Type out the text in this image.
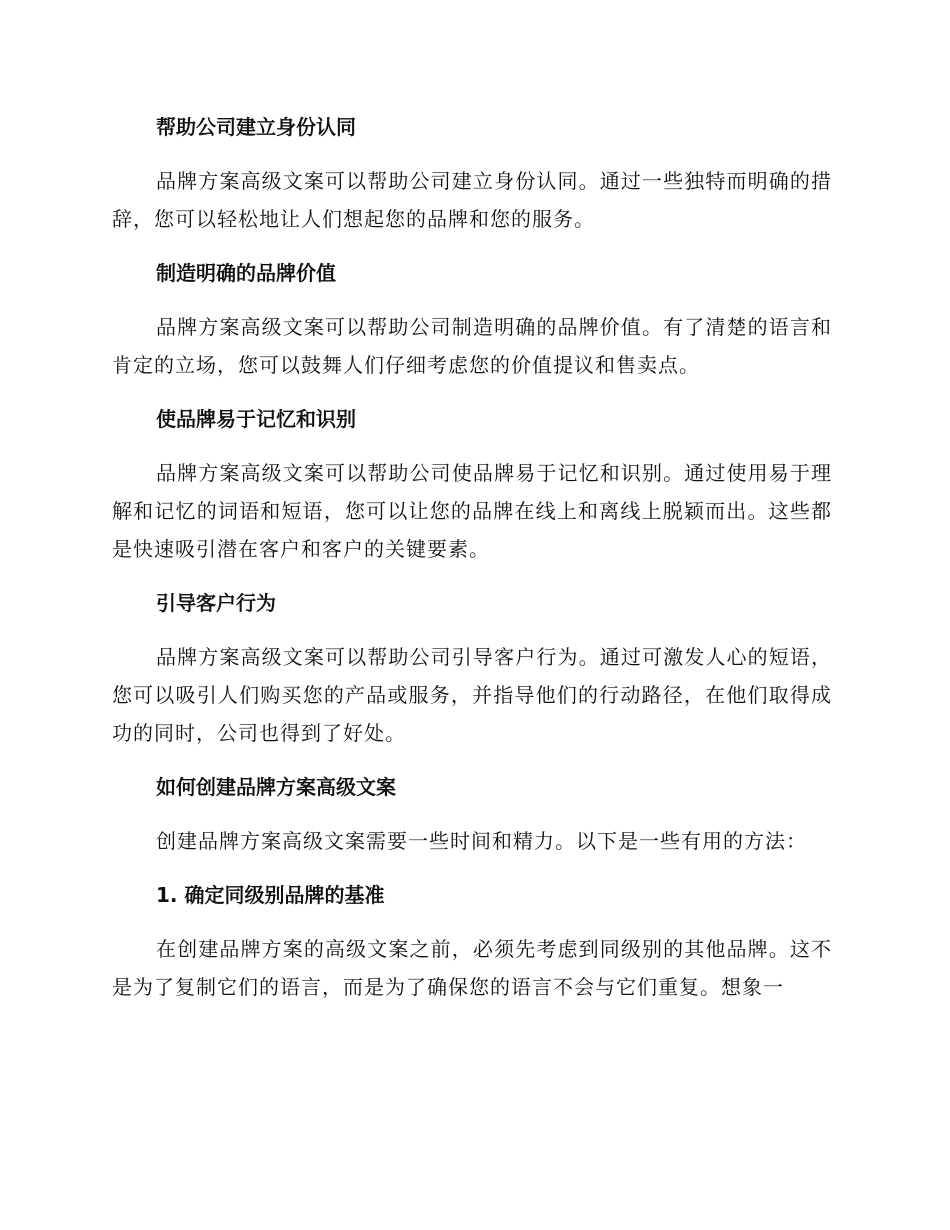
帮助公司建立身份认同

品牌方案高级文案可以帮助公司建立身份认同。通过一些独特而明确的措辞，您可以轻松地让人们想起您的品牌和您的服务。

制造明确的品牌价值

品牌方案高级文案可以帮助公司制造明确的品牌价值。有了清楚的语言和肯定的立场，您可以鼓舞人们仔细考虑您的价值提议和售卖点。

使品牌易于记忆和识别

品牌方案高级文案可以帮助公司使品牌易于记忆和识别。通过使用易于理解和记忆的词语和短语，您可以让您的品牌在线上和离线上脱颖而出。这些都是快速吸引潜在客户和客户的关键要素。

引导客户行为

品牌方案高级文案可以帮助公司引导客户行为。通过可激发人心的短语，您可以吸引人们购买您的产品或服务，并指导他们的行动路径，在他们取得成功的同时，公司也得到了好处。

如何创建品牌方案高级文案

创建品牌方案高级文案需要一些时间和精力。以下是一些有用的方法：

1. 确定同级别品牌的基准

在创建品牌方案的高级文案之前，必须先考虑到同级别的其他品牌。这不是为了复制它们的语言，而是为了确保您的语言不会与它们重复。想象一
